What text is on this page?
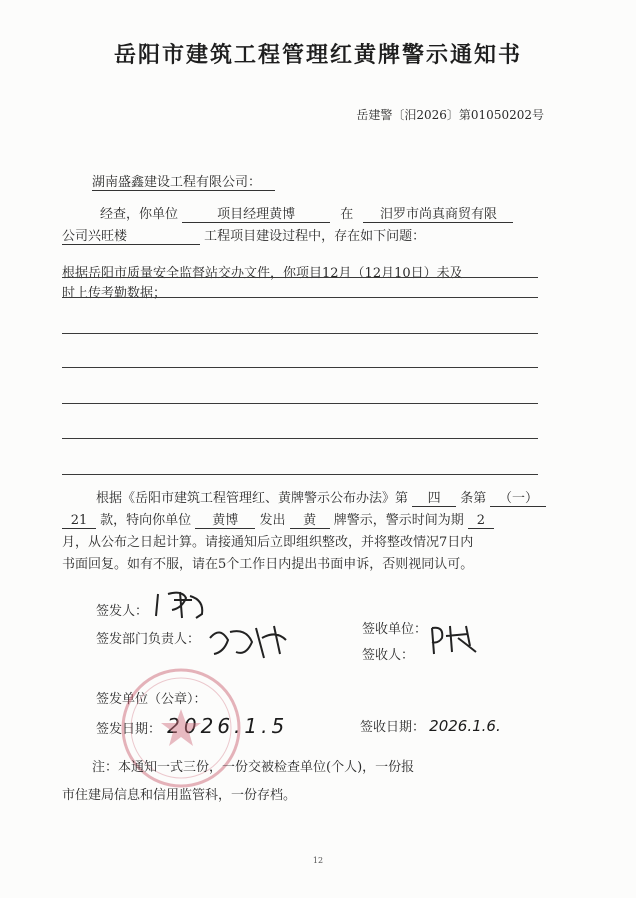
岳阳市建筑工程管理红黄牌警示通知书
岳建警〔汨2026〕第01050202号
湖南盛鑫建设工程有限公司：
经查，你单位	项目经理黄博	在 汨罗市尚真商贸有限
公司兴旺楼	工程项目建设过程中，存在如下问题：
根据岳阳市质量安全监督站交办文件，你项目12月（12月10日）未及
时上传考勤数据；
根据《岳阳市建筑工程管理红、黄牌警示公布办法》第 四 条第 （一）
21 款，特向你单位 黄博 发出 黄 牌警示，警示时间为期 2
月，从公布之日起计算。请接通知后立即组织整改，并将整改情况7日内
书面回复。如有不服，请在5个工作日内提出书面申诉，否则视同认可。
签发人：
签发部门负责人：
签收单位：
签收人：
签发单位（公章）：
签发日期： 2026.1.5	签收日期： 2026.1.6.
注：本通知一式三份，一份交被检查单位(个人)，一份报
市住建局信息和信用监管科，一份存档。
12
